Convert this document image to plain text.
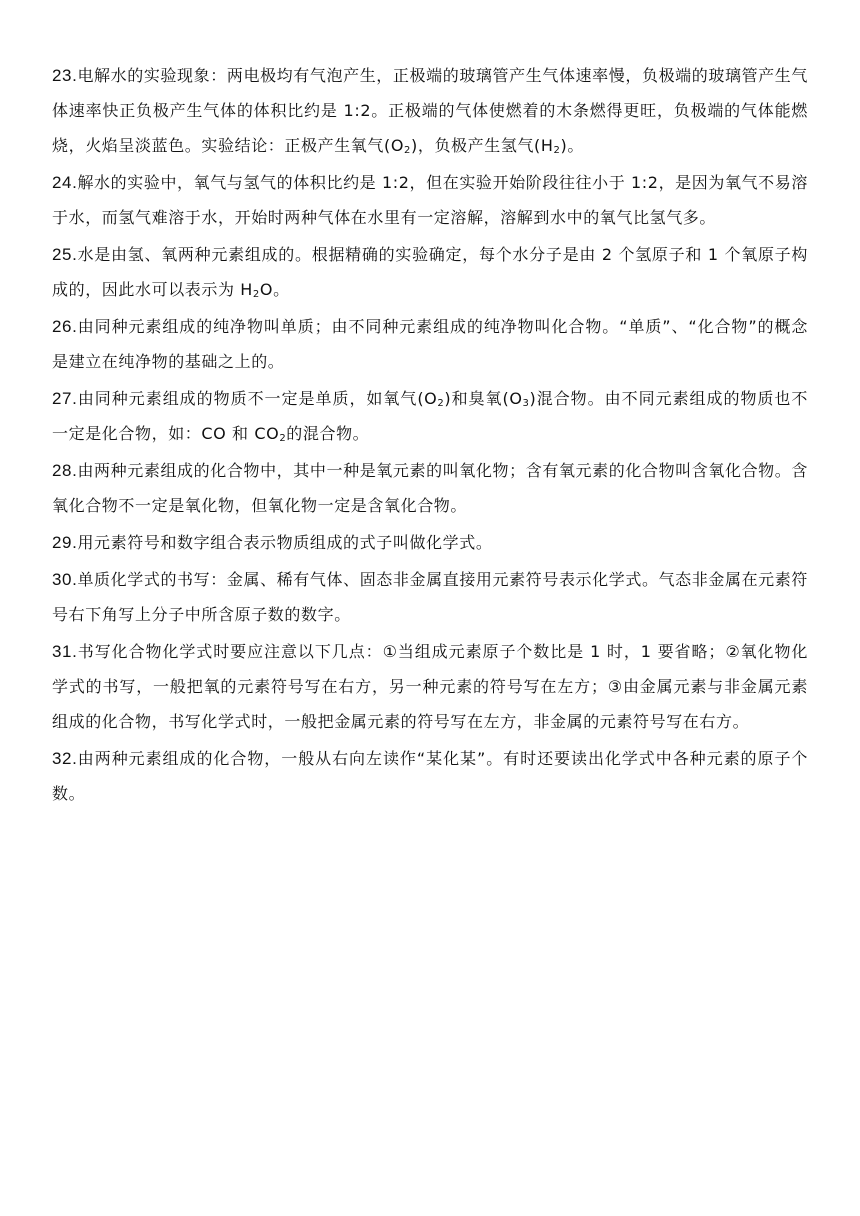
23.电解水的实验现象：两电极均有气泡产生，正极端的玻璃管产生气体速率慢，负极端的玻璃管产生气体速率快正负极产生气体的体积比约是 1:2。正极端的气体使燃着的木条燃得更旺，负极端的气体能燃烧，火焰呈淡蓝色。实验结论：正极产生氧气$(O_2)$，负极产生氢气$(H_2)$。

24.解水的实验中，氧气与氢气的体积比约是 1:2，但在实验开始阶段往往小于 1:2，是因为氧气不易溶于水，而氢气难溶于水，开始时两种气体在水里有一定溶解，溶解到水中的氧气比氢气多。

25.水是由氢、氧两种元素组成的。根据精确的实验确定，每个水分子是由 2 个氢原子和 1 个氧原子构成的，因此水可以表示为 $H_2O$。

26.由同种元素组成的纯净物叫单质；由不同种元素组成的纯净物叫化合物。“单质”、“化合物”的概念是建立在纯净物的基础之上的。

27.由同种元素组成的物质不一定是单质，如氧气$(O_2)$和臭氧$(O_3)$混合物。由不同元素组成的物质也不一定是化合物，如：CO 和 $CO_2$的混合物。

28.由两种元素组成的化合物中，其中一种是氧元素的叫氧化物；含有氧元素的化合物叫含氧化合物。含氧化合物不一定是氧化物，但氧化物一定是含氧化合物。

29.用元素符号和数字组合表示物质组成的式子叫做化学式。

30.单质化学式的书写：金属、稀有气体、固态非金属直接用元素符号表示化学式。气态非金属在元素符号右下角写上分子中所含原子数的数字。

31.书写化合物化学式时要应注意以下几点：①当组成元素原子个数比是 1 时，1 要省略；②氧化物化学式的书写，一般把氧的元素符号写在右方，另一种元素的符号写在左方；③由金属元素与非金属元素组成的化合物，书写化学式时，一般把金属元素的符号写在左方，非金属的元素符号写在右方。

32.由两种元素组成的化合物，一般从右向左读作“某化某”。有时还要读出化学式中各种元素的原子个数。
